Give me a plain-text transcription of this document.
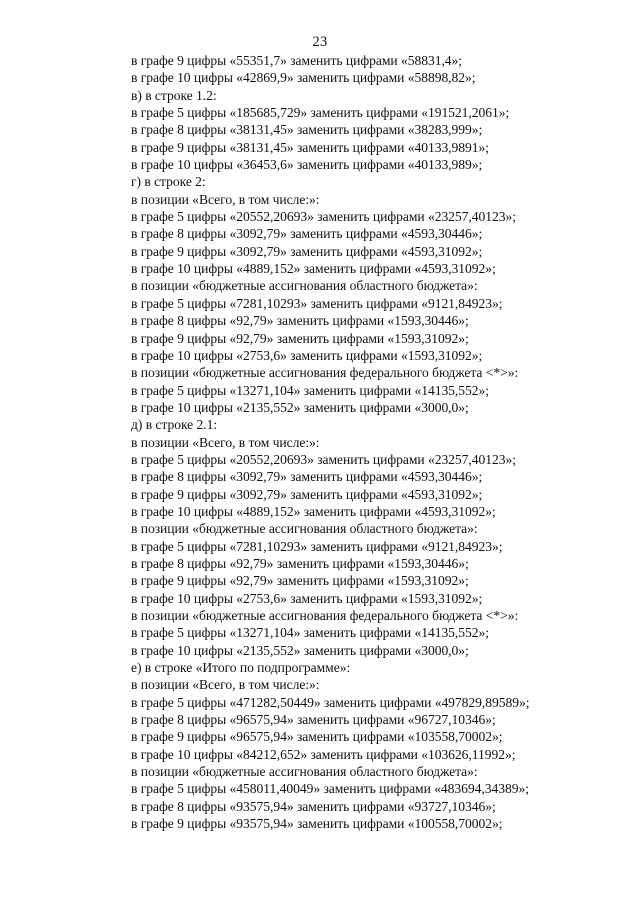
23
в графе 9 цифры «55351,7» заменить цифрами «58831,4»;
в графе 10 цифры «42869,9» заменить цифрами «58898,82»;
в) в строке 1.2:
в графе 5 цифры «185685,729» заменить цифрами «191521,2061»;
в графе 8 цифры «38131,45» заменить цифрами «38283,999»;
в графе 9 цифры «38131,45» заменить цифрами «40133,9891»;
в графе 10 цифры «36453,6» заменить цифрами «40133,989»;
г) в строке 2:
в позиции «Всего, в том числе:»:
в графе 5 цифры «20552,20693» заменить цифрами «23257,40123»;
в графе 8 цифры «3092,79» заменить цифрами «4593,30446»;
в графе 9 цифры «3092,79» заменить цифрами «4593,31092»;
в графе 10 цифры «4889,152» заменить цифрами «4593,31092»;
в позиции «бюджетные ассигнования областного бюджета»:
в графе 5 цифры «7281,10293» заменить цифрами «9121,84923»;
в графе 8 цифры «92,79» заменить цифрами «1593,30446»;
в графе 9 цифры «92,79» заменить цифрами «1593,31092»;
в графе 10 цифры «2753,6» заменить цифрами «1593,31092»;
в позиции «бюджетные ассигнования федерального бюджета <*>»:
в графе 5 цифры «13271,104» заменить цифрами «14135,552»;
в графе 10 цифры «2135,552» заменить цифрами «3000,0»;
д) в строке 2.1:
в позиции «Всего, в том числе:»:
в графе 5 цифры «20552,20693» заменить цифрами «23257,40123»;
в графе 8 цифры «3092,79» заменить цифрами «4593,30446»;
в графе 9 цифры «3092,79» заменить цифрами «4593,31092»;
в графе 10 цифры «4889,152» заменить цифрами «4593,31092»;
в позиции «бюджетные ассигнования областного бюджета»:
в графе 5 цифры «7281,10293» заменить цифрами «9121,84923»;
в графе 8 цифры «92,79» заменить цифрами «1593,30446»;
в графе 9 цифры «92,79» заменить цифрами «1593,31092»;
в графе 10 цифры «2753,6» заменить цифрами «1593,31092»;
в позиции «бюджетные ассигнования федерального бюджета <*>»:
в графе 5 цифры «13271,104» заменить цифрами «14135,552»;
в графе 10 цифры «2135,552» заменить цифрами «3000,0»;
е) в строке «Итого по подпрограмме»:
в позиции «Всего, в том числе:»:
в графе 5 цифры «471282,50449» заменить цифрами «497829,89589»;
в графе 8 цифры «96575,94» заменить цифрами «96727,10346»;
в графе 9 цифры «96575,94» заменить цифрами «103558,70002»;
в графе 10 цифры «84212,652» заменить цифрами «103626,11992»;
в позиции «бюджетные ассигнования областного бюджета»:
в графе 5 цифры «458011,40049» заменить цифрами «483694,34389»;
в графе 8 цифры «93575,94» заменить цифрами «93727,10346»;
в графе 9 цифры «93575,94» заменить цифрами «100558,70002»;
